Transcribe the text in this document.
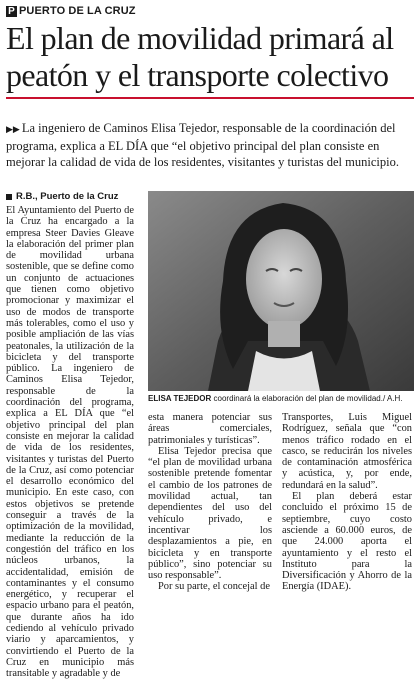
P PUERTO DE LA CRUZ
El plan de movilidad primará al peatón y el transporte colectivo

▶▶ La ingeniero de Caminos Elisa Tejedor, responsable de la coordinación del programa, explica a EL DÍA que “el objetivo principal del plan consiste en mejorar la calidad de vida de los residentes, visitantes y turistas del municipio.

R.B., Puerto de la Cruz

El Ayuntamiento del Puerto de la Cruz ha encargado a la empresa Steer Davies Gleave la elaboración del primer plan de movilidad urbana sostenible, que se define como un conjunto de actuaciones que tienen como objetivo promocionar y maximizar el uso de modos de transporte más tolerables, como el uso y posible ampliación de las vías peatonales, la utilización de la bicicleta y del transporte público. La ingeniero de Caminos Elisa Tejedor, responsable de la coordinación del programa, explica a EL DÍA que “el objetivo principal del plan consiste en mejorar la calidad de vida de los residentes, visitantes y turistas del Puerto de la Cruz, así como potenciar el desarrollo económico del municipio. En este caso, con estos objetivos se pretende conseguir a través de la optimización de la movilidad, mediante la reducción de la congestión del tráfico en los núcleos urbanos, la accidentalidad, emisión de contaminantes y el consumo energético, y recuperar el espacio urbano para el peatón, que durante años ha ido cediendo al vehículo privado viario y aparcamientos, y convirtiendo el Puerto de la Cruz en municipio más transitable y agradable y de

ELISA TEJEDOR coordinará la elaboración del plan de movilidad./ A.H.

esta manera potenciar sus áreas comerciales, patrimoniales y turísticas”.

Elisa Tejedor precisa que “el plan de movilidad urbana sostenible pretende fomentar el cambio de los patrones de movilidad actual, tan dependientes del uso del vehículo privado, e incentivar los desplazamientos a pie, en bicicleta y en transporte público”, sino potenciar su uso responsable”.

Por su parte, el concejal de

Transportes, Luis Miguel Rodríguez, señala que “con menos tráfico rodado en el casco, se reducirán los niveles de contaminación atmosférica y acústica, y, por ende, redundará en la salud”.

El plan deberá estar concluido el próximo 15 de septiembre, cuyo costo asciende a 60.000 euros, de que 24.000 aporta el ayuntamiento y el resto el Instituto para la Diversificación y Ahorro de la Energía (IDAE).
